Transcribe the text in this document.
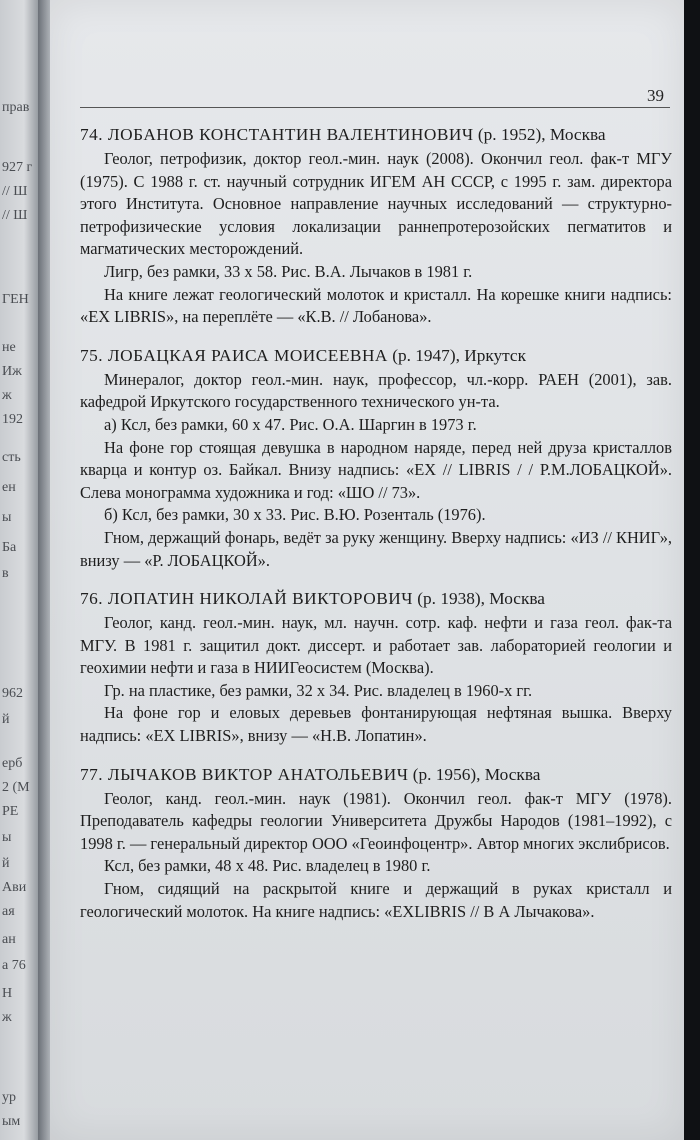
прав
927 г
// Ш
// Ш
ГЕН
не
Иж
ж
192
сть
ен
ы
Ба
в
962
й
ерб
2 (М
РЕ
ы
й
Ави
ая
ан
а 76
Н
ж
ур
ым
39
74. ЛОБАНОВ КОНСТАНТИН ВАЛЕНТИНОВИЧ (р. 1952), Москва

Геолог, петрофизик, доктор геол.-мин. наук (2008). Окончил геол. фак-т МГУ (1975). С 1988 г. ст. научный сотрудник ИГЕМ АН СССР, с 1995 г. зам. директора этого Института. Основное направление научных исследований — структурно-петрофизические условия локализации раннепротерозойских пегматитов и магматических месторождений.

Лигр, без рамки, 33 x 58. Рис. В.А. Лычаков в 1981 г.

На книге лежат геологический молоток и кристалл. На корешке книги надпись: «EX LIBRIS», на переплёте — «К.В. // Лобанова».

75. ЛОБАЦКАЯ РАИСА МОИСЕЕВНА (р. 1947), Иркутск

Минералог, доктор геол.-мин. наук, профессор, чл.-корр. РАЕН (2001), зав. кафедрой Иркутского государственного технического ун-та.

а) Ксл, без рамки, 60 x 47. Рис. О.А. Шаргин в 1973 г.

На фоне гор стоящая девушка в народном наряде, перед ней друза кристаллов кварца и контур оз. Байкал. Внизу надпись: «EX // LIBRIS / / Р.М.ЛОБАЦКОЙ». Слева монограмма художника и год: «ШО // 73».

б) Ксл, без рамки, 30 x 33. Рис. В.Ю. Розенталь (1976).

Гном, держащий фонарь, ведёт за руку женщину. Вверху надпись: «ИЗ // КНИГ», внизу — «Р. ЛОБАЦКОЙ».

76. ЛОПАТИН НИКОЛАЙ ВИКТОРОВИЧ (р. 1938), Москва

Геолог, канд. геол.-мин. наук, мл. научн. сотр. каф. нефти и газа геол. фак-та МГУ. В 1981 г. защитил докт. диссерт. и работает зав. лабораторией геологии и геохимии нефти и газа в НИИГеосистем (Москва).

Гр. на пластике, без рамки, 32 x 34. Рис. владелец в 1960-х гг.

На фоне гор и еловых деревьев фонтанирующая нефтяная вышка. Вверху надпись: «EX LIBRIS», внизу — «Н.В. Лопатин».

77. ЛЫЧАКОВ ВИКТОР АНАТОЛЬЕВИЧ (р. 1956), Москва

Геолог, канд. геол.-мин. наук (1981). Окончил геол. фак-т МГУ (1978). Преподаватель кафедры геологии Университета Дружбы Народов (1981–1992), с 1998 г. — генеральный директор ООО «Геоинфоцентр». Автор многих экслибрисов.

Ксл, без рамки, 48 x 48. Рис. владелец в 1980 г.

Гном, сидящий на раскрытой книге и держащий в руках кристалл и геологический молоток. На книге надпись: «EXLIBRIS // В А Лычакова».
